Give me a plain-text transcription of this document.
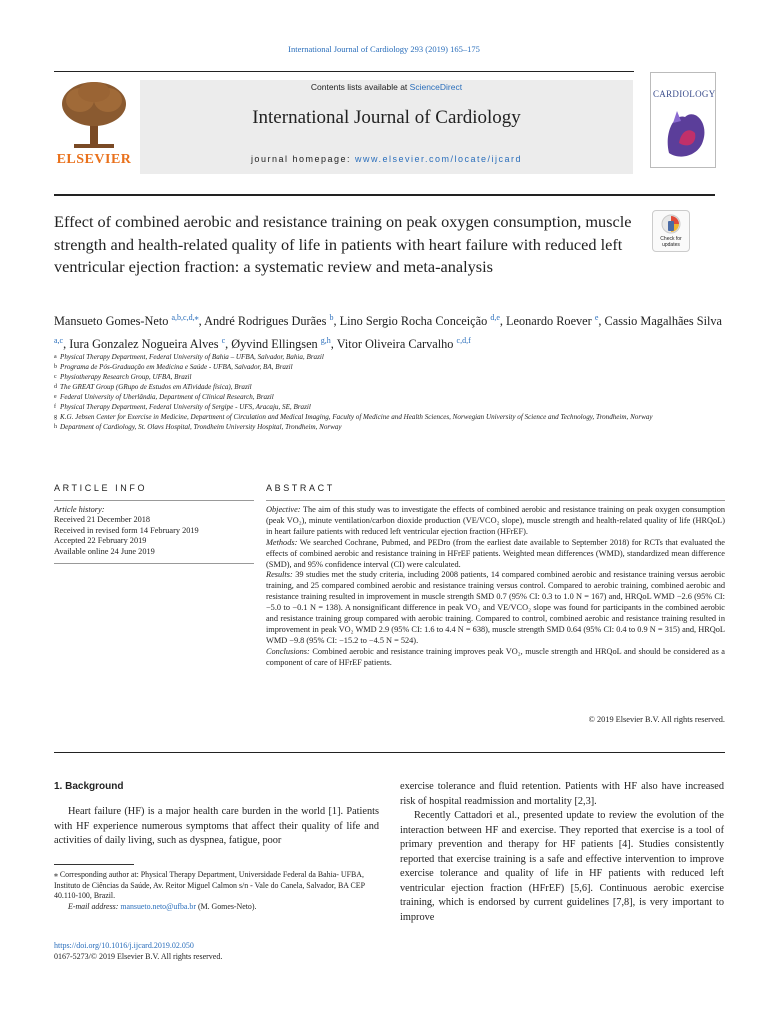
International Journal of Cardiology 293 (2019) 165–175
ELSEVIER
Contents lists available at ScienceDirect
International Journal of Cardiology
journal homepage: www.elsevier.com/locate/ijcard
CARDIOLOGY
Effect of combined aerobic and resistance training on peak oxygen consumption, muscle strength and health-related quality of life in patients with heart failure with reduced left ventricular ejection fraction: a systematic review and meta-analysis
Check for updates
Mansueto Gomes-Neto $^{a,b,c,d,⁎}$, André Rodrigues Durães $^b$, Lino Sergio Rocha Conceição $^{d,e}$, Leonardo Roever $^e$, Cassio Magalhães Silva $^{a,c}$, Iura Gonzalez Nogueira Alves $^c$, Øyvind Ellingsen $^{g,h}$, Vitor Oliveira Carvalho $^{c,d,f}$
a Physical Therapy Department, Federal University of Bahia – UFBA, Salvador, Bahia, Brazil
b Programa de Pós-Graduação em Medicina e Saúde - UFBA, Salvador, BA, Brazil
c Physiotherapy Research Group, UFBA, Brazil
d The GREAT Group (GRupo de Estudos em ATividade física), Brazil
e Federal University of Uberlândia, Department of Clinical Research, Brazil
f Physical Therapy Department, Federal University of Sergipe - UFS, Aracaju, SE, Brazil
g K.G. Jebsen Center for Exercise in Medicine, Department of Circulation and Medical Imaging, Faculty of Medicine and Health Sciences, Norwegian University of Science and Technology, Trondheim, Norway
h Department of Cardiology, St. Olavs Hospital, Trondheim University Hospital, Trondheim, Norway
ARTICLE INFO	ABSTRACT
Article history:
Received 21 December 2018
Received in revised form 14 February 2019
Accepted 22 February 2019
Available online 24 June 2019
Objective: The aim of this study was to investigate the effects of combined aerobic and resistance training on peak oxygen consumption (peak VO₂), minute ventilation/carbon dioxide production (VE/VCO₂ slope), muscle strength and health-related quality of life (HRQoL) in heart failure patients with reduced left ventricular ejection fraction (HFrEF).
Methods: We searched Cochrane, Pubmed, and PEDro (from the earliest date available to September 2018) for RCTs that evaluated the effects of combined aerobic and resistance training in HFrEF patients. Weighted mean differences (WMD), standardized mean difference (SMD), and 95% confidence interval (CI) were calculated.
Results: 39 studies met the study criteria, including 2008 patients, 14 compared combined aerobic and resistance training versus aerobic training, and 25 compared combined aerobic and resistance training versus control. Compared to aerobic training, combined aerobic and resistance training resulted in improvement in muscle strength SMD 0.7 (95% CI: 0.3 to 1.0 N = 167) and, HRQoL WMD −2.6 (95% CI: −5.0 to −0.1 N = 138). A nonsignificant difference in peak VO₂ and VE/VCO₂ slope was found for participants in the combined aerobic and resistance training group compared with aerobic training. Compared to control, combined aerobic and resistance training resulted in improvement in peak VO₂ WMD 2.9 (95% CI: 1.6 to 4.4 N = 638), muscle strength SMD 0.64 (95% CI: 0.4 to 0.9 N = 315) and, HRQoL WMD −9.8 (95% CI: −15.2 to −4.5 N = 524).
Conclusions: Combined aerobic and resistance training improves peak VO₂, muscle strength and HRQoL and should be considered as a component of care of HFrEF patients.
© 2019 Elsevier B.V. All rights reserved.
1. Background
Heart failure (HF) is a major health care burden in the world [1]. Patients with HF experience numerous symptoms that affect their quality of life and activities of daily living, such as dyspnea, fatigue, poor
exercise tolerance and fluid retention. Patients with HF also have increased risk of hospital readmission and mortality [2,3].
Recently Cattadori et al., presented update to review the evolution of the interaction between HF and exercise. They reported that exercise is a tool of primary prevention and therapy for HF patients [4]. Studies consistently reported that exercise training is a safe and effective intervention to improve exercise tolerance and quality of life in HF patients with reduced left ventricular ejection fraction (HFrEF) [5,6]. Continuous aerobic exercise training, which is endorsed by current guidelines [7,8], is very important to improve
⁎ Corresponding author at: Physical Therapy Department, Universidade Federal da Bahia- UFBA, Instituto de Ciências da Saúde, Av. Reitor Miguel Calmon s/n - Vale do Canela, Salvador, BA CEP 40.110-100, Brazil.
E-mail address: mansueto.neto@ufba.br (M. Gomes-Neto).
https://doi.org/10.1016/j.ijcard.2019.02.050
0167-5273/© 2019 Elsevier B.V. All rights reserved.
